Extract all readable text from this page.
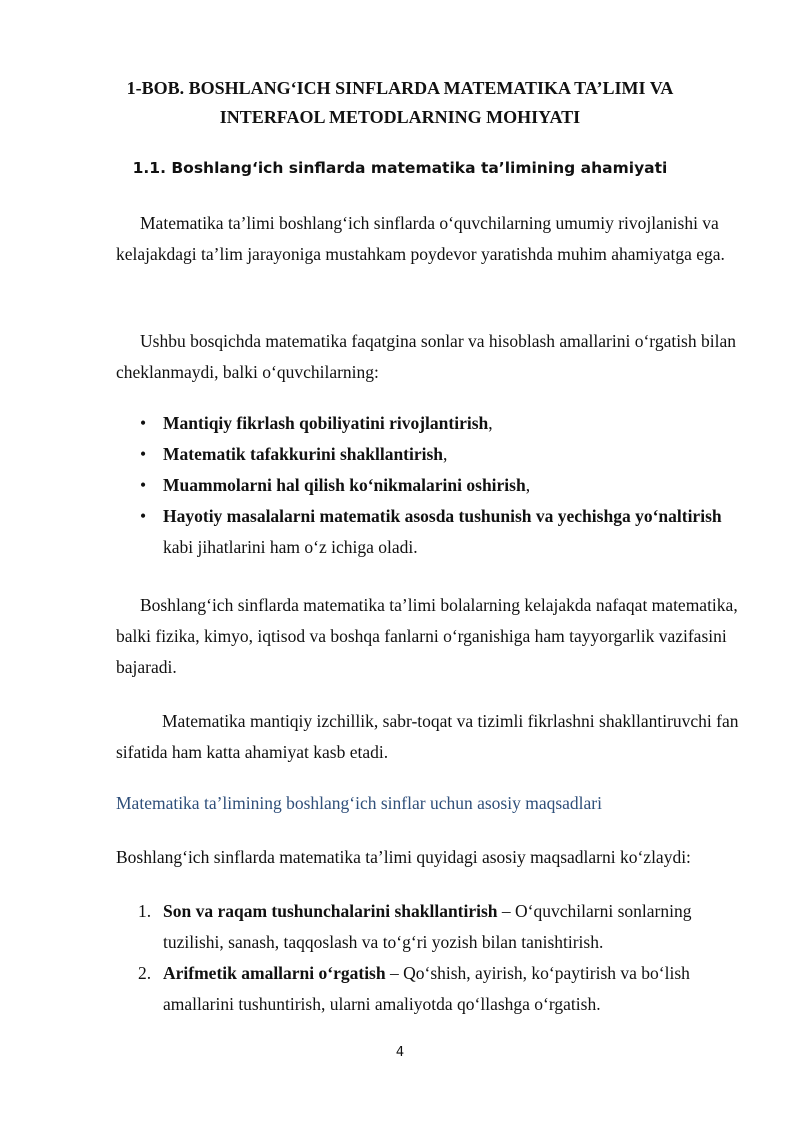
1-BOB. BOSHLANG‘ICH SINFLARDA MATEMATIKA TA’LIMI VA
INTERFAOL METODLARNING MOHIYATI
1.1. Boshlang‘ich sinflarda matematika ta’limining ahamiyati

Matematika ta’limi boshlang‘ich sinflarda o‘quvchilarning umumiy rivojlanishi va kelajakdagi ta’lim jarayoniga mustahkam poydevor yaratishda muhim ahamiyatga ega.

Ushbu bosqichda matematika faqatgina sonlar va hisoblash amallarini o‘rgatish bilan cheklanmaydi, balki o‘quvchilarning:

• Mantiqiy fikrlash qobiliyatini rivojlantirish,
• Matematik tafakkurini shakllantirish,
• Muammolarni hal qilish ko‘nikmalarini oshirish,
• Hayotiy masalalarni matematik asosda tushunish va yechishga yo‘naltirish kabi jihatlarini ham o‘z ichiga oladi.

Boshlang‘ich sinflarda matematika ta’limi bolalarning kelajakda nafaqat matematika, balki fizika, kimyo, iqtisod va boshqa fanlarni o‘rganishiga ham tayyorgarlik vazifasini bajaradi.

Matematika mantiqiy izchillik, sabr-toqat va tizimli fikrlashni shakllantiruvchi fan sifatida ham katta ahamiyat kasb etadi.

Matematika ta’limining boshlang‘ich sinflar uchun asosiy maqsadlari

Boshlang‘ich sinflarda matematika ta’limi quyidagi asosiy maqsadlarni ko‘zlaydi:

1. Son va raqam tushunchalarini shakllantirish – O‘quvchilarni sonlarning tuzilishi, sanash, taqqoslash va to‘g‘ri yozish bilan tanishtirish.
2. Arifmetik amallarni o‘rgatish – Qo‘shish, ayirish, ko‘paytirish va bo‘lish amallarini tushuntirish, ularni amaliyotda qo‘llashga o‘rgatish.

4
